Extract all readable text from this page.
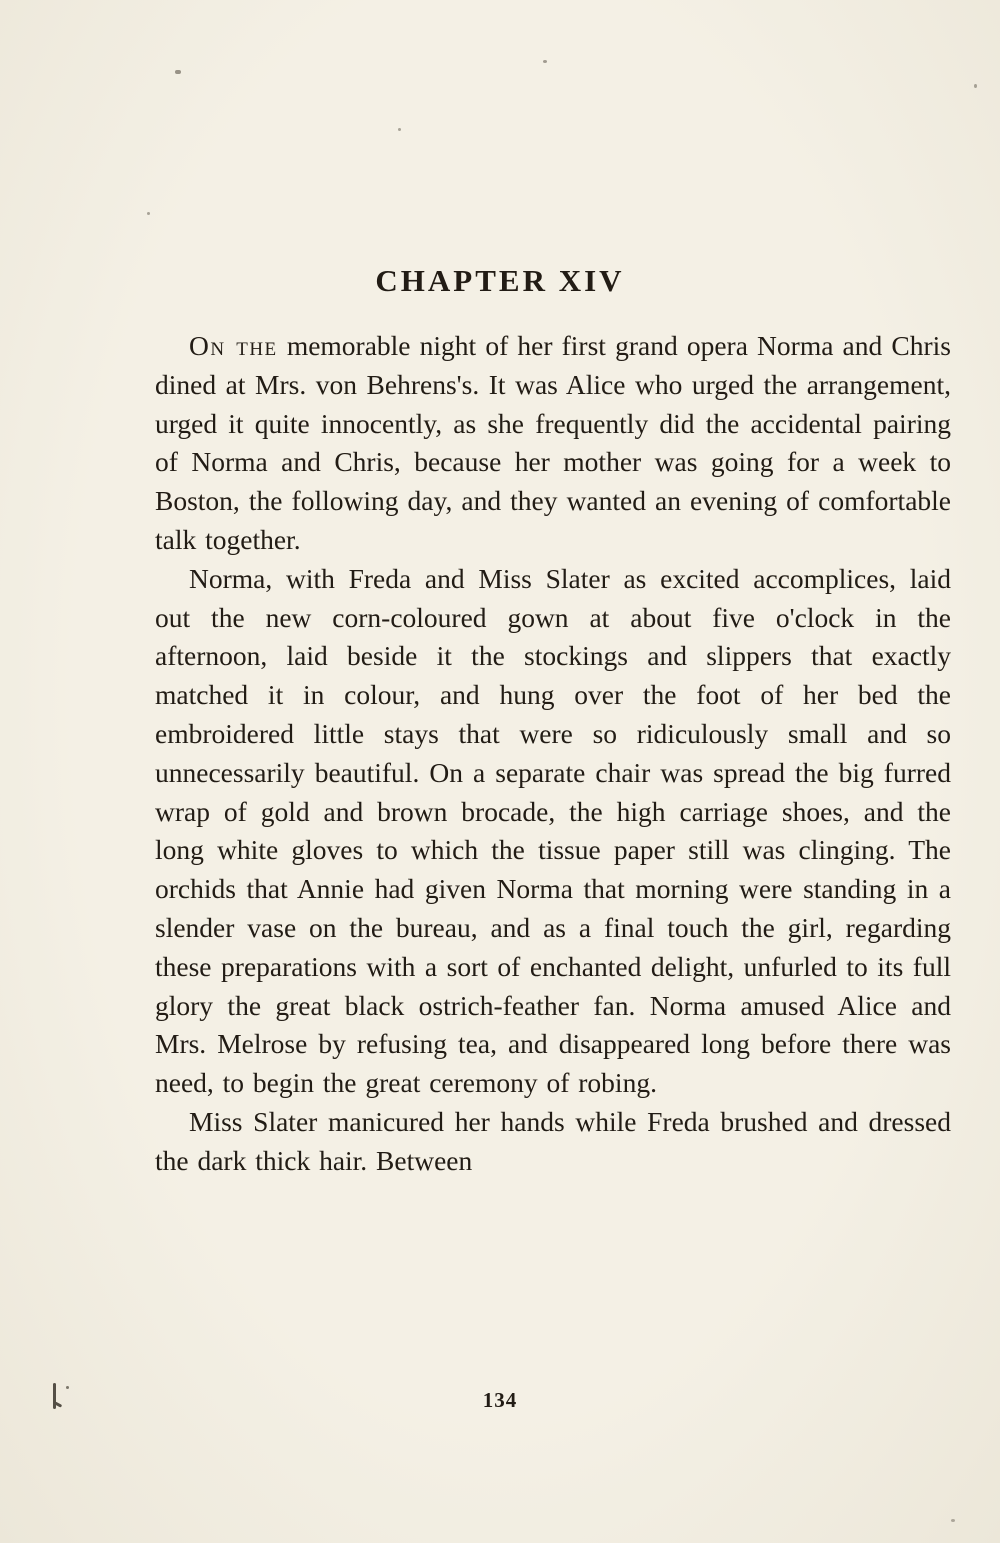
CHAPTER XIV

On the memorable night of her first grand opera Norma and Chris dined at Mrs. von Behrens's. It was Alice who urged the arrangement, urged it quite innocently, as she frequently did the accidental pairing of Norma and Chris, because her mother was going for a week to Boston, the following day, and they wanted an evening of comfortable talk together.

Norma, with Freda and Miss Slater as excited accomplices, laid out the new corn-coloured gown at about five o'clock in the afternoon, laid beside it the stockings and slippers that exactly matched it in colour, and hung over the foot of her bed the embroidered little stays that were so ridiculously small and so unnecessarily beautiful. On a separate chair was spread the big furred wrap of gold and brown brocade, the high carriage shoes, and the long white gloves to which the tissue paper still was clinging. The orchids that Annie had given Norma that morning were standing in a slender vase on the bureau, and as a final touch the girl, regarding these preparations with a sort of enchanted delight, unfurled to its full glory the great black ostrich-feather fan. Norma amused Alice and Mrs. Melrose by refusing tea, and disappeared long before there was need, to begin the great ceremony of robing.

Miss Slater manicured her hands while Freda brushed and dressed the dark thick hair. Between

134
